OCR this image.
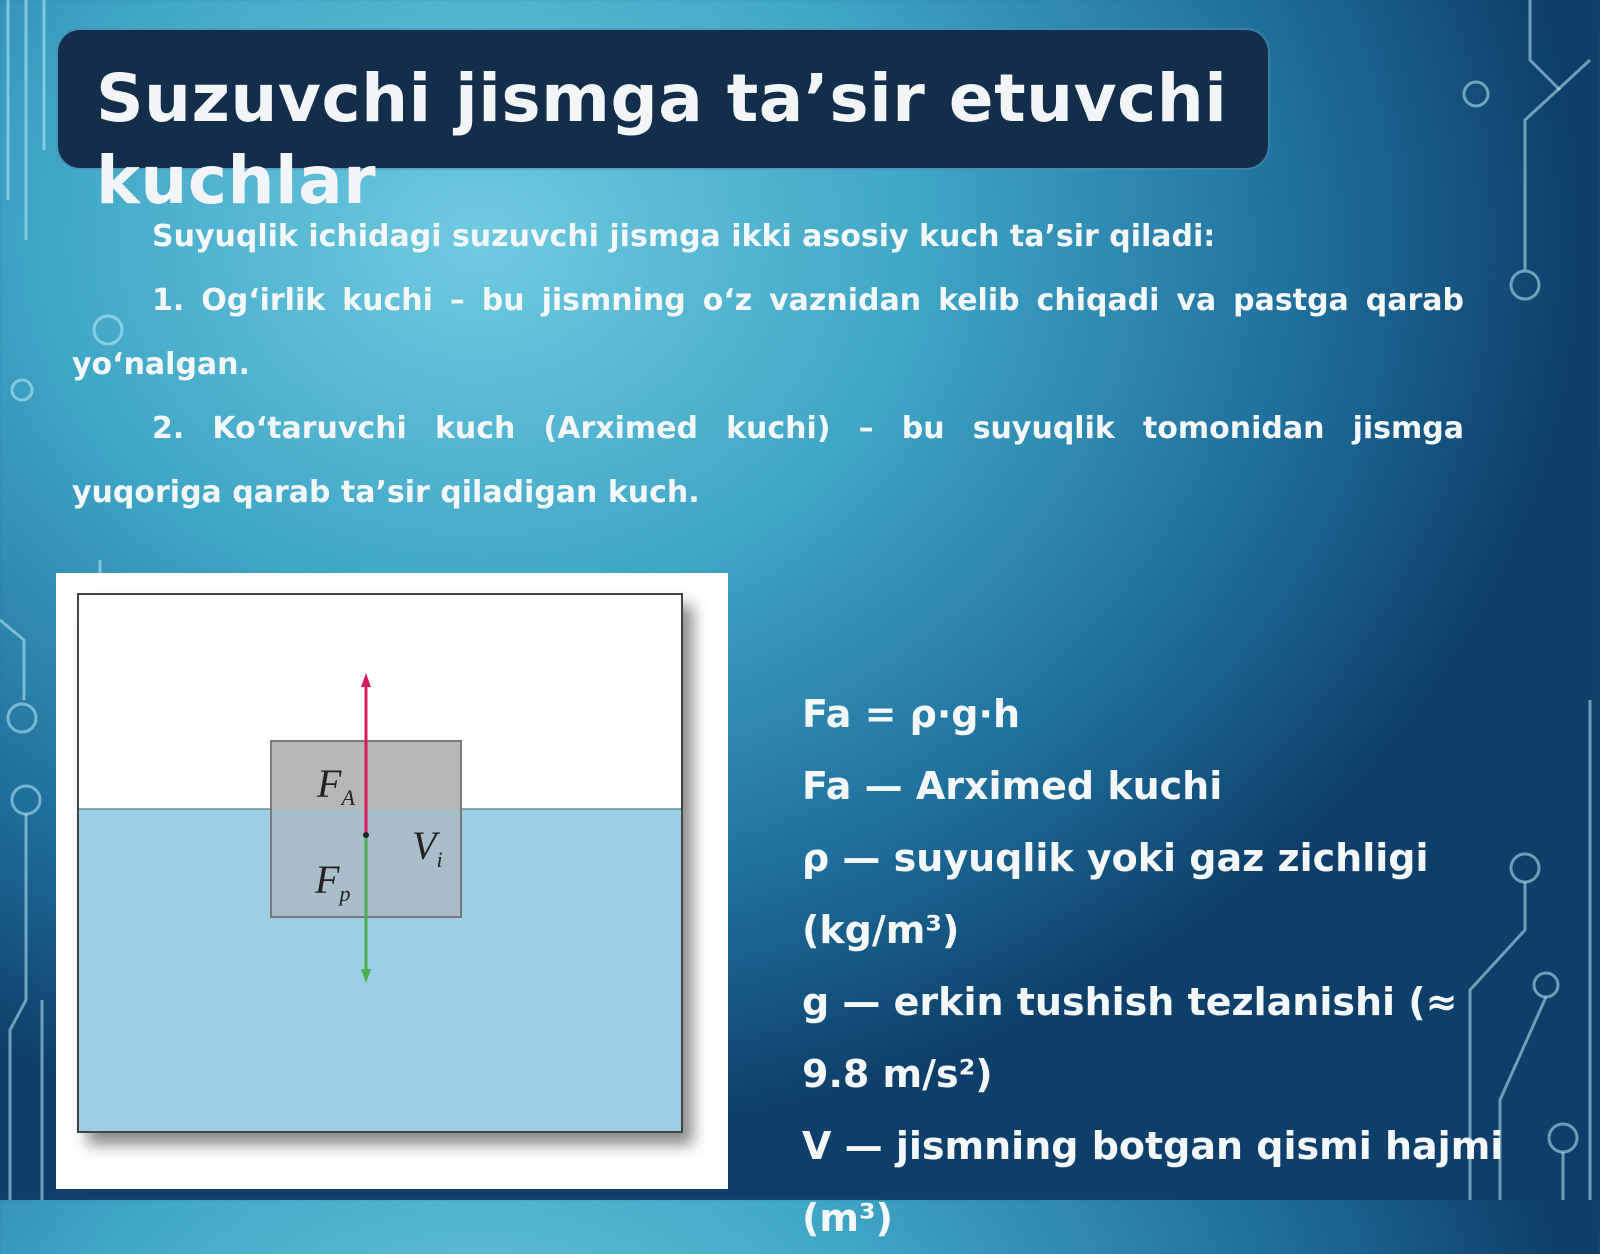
Suzuvchi jismga ta’sir etuvchi kuchlar

Suyuqlik ichidagi suzuvchi jismga ikki asosiy kuch ta’sir qiladi:

1. Og‘irlik kuchi – bu jismning o‘z vaznidan kelib chiqadi va pastga qarab yo‘nalgan.

2. Ko‘taruvchi kuch (Arximed kuchi) – bu suyuqlik tomonidan jismga yuqoriga qarab ta’sir qiladigan kuch.

$F_A$
$F_p$
$V_i$
Fa = ρ·g·h
Fa — Arximed kuchi
ρ — suyuqlik yoki gaz zichligi (kg/m³)
g — erkin tushish tezlanishi (≈ 9.8 m/s²)
V — jismning botgan qismi hajmi (m³)
